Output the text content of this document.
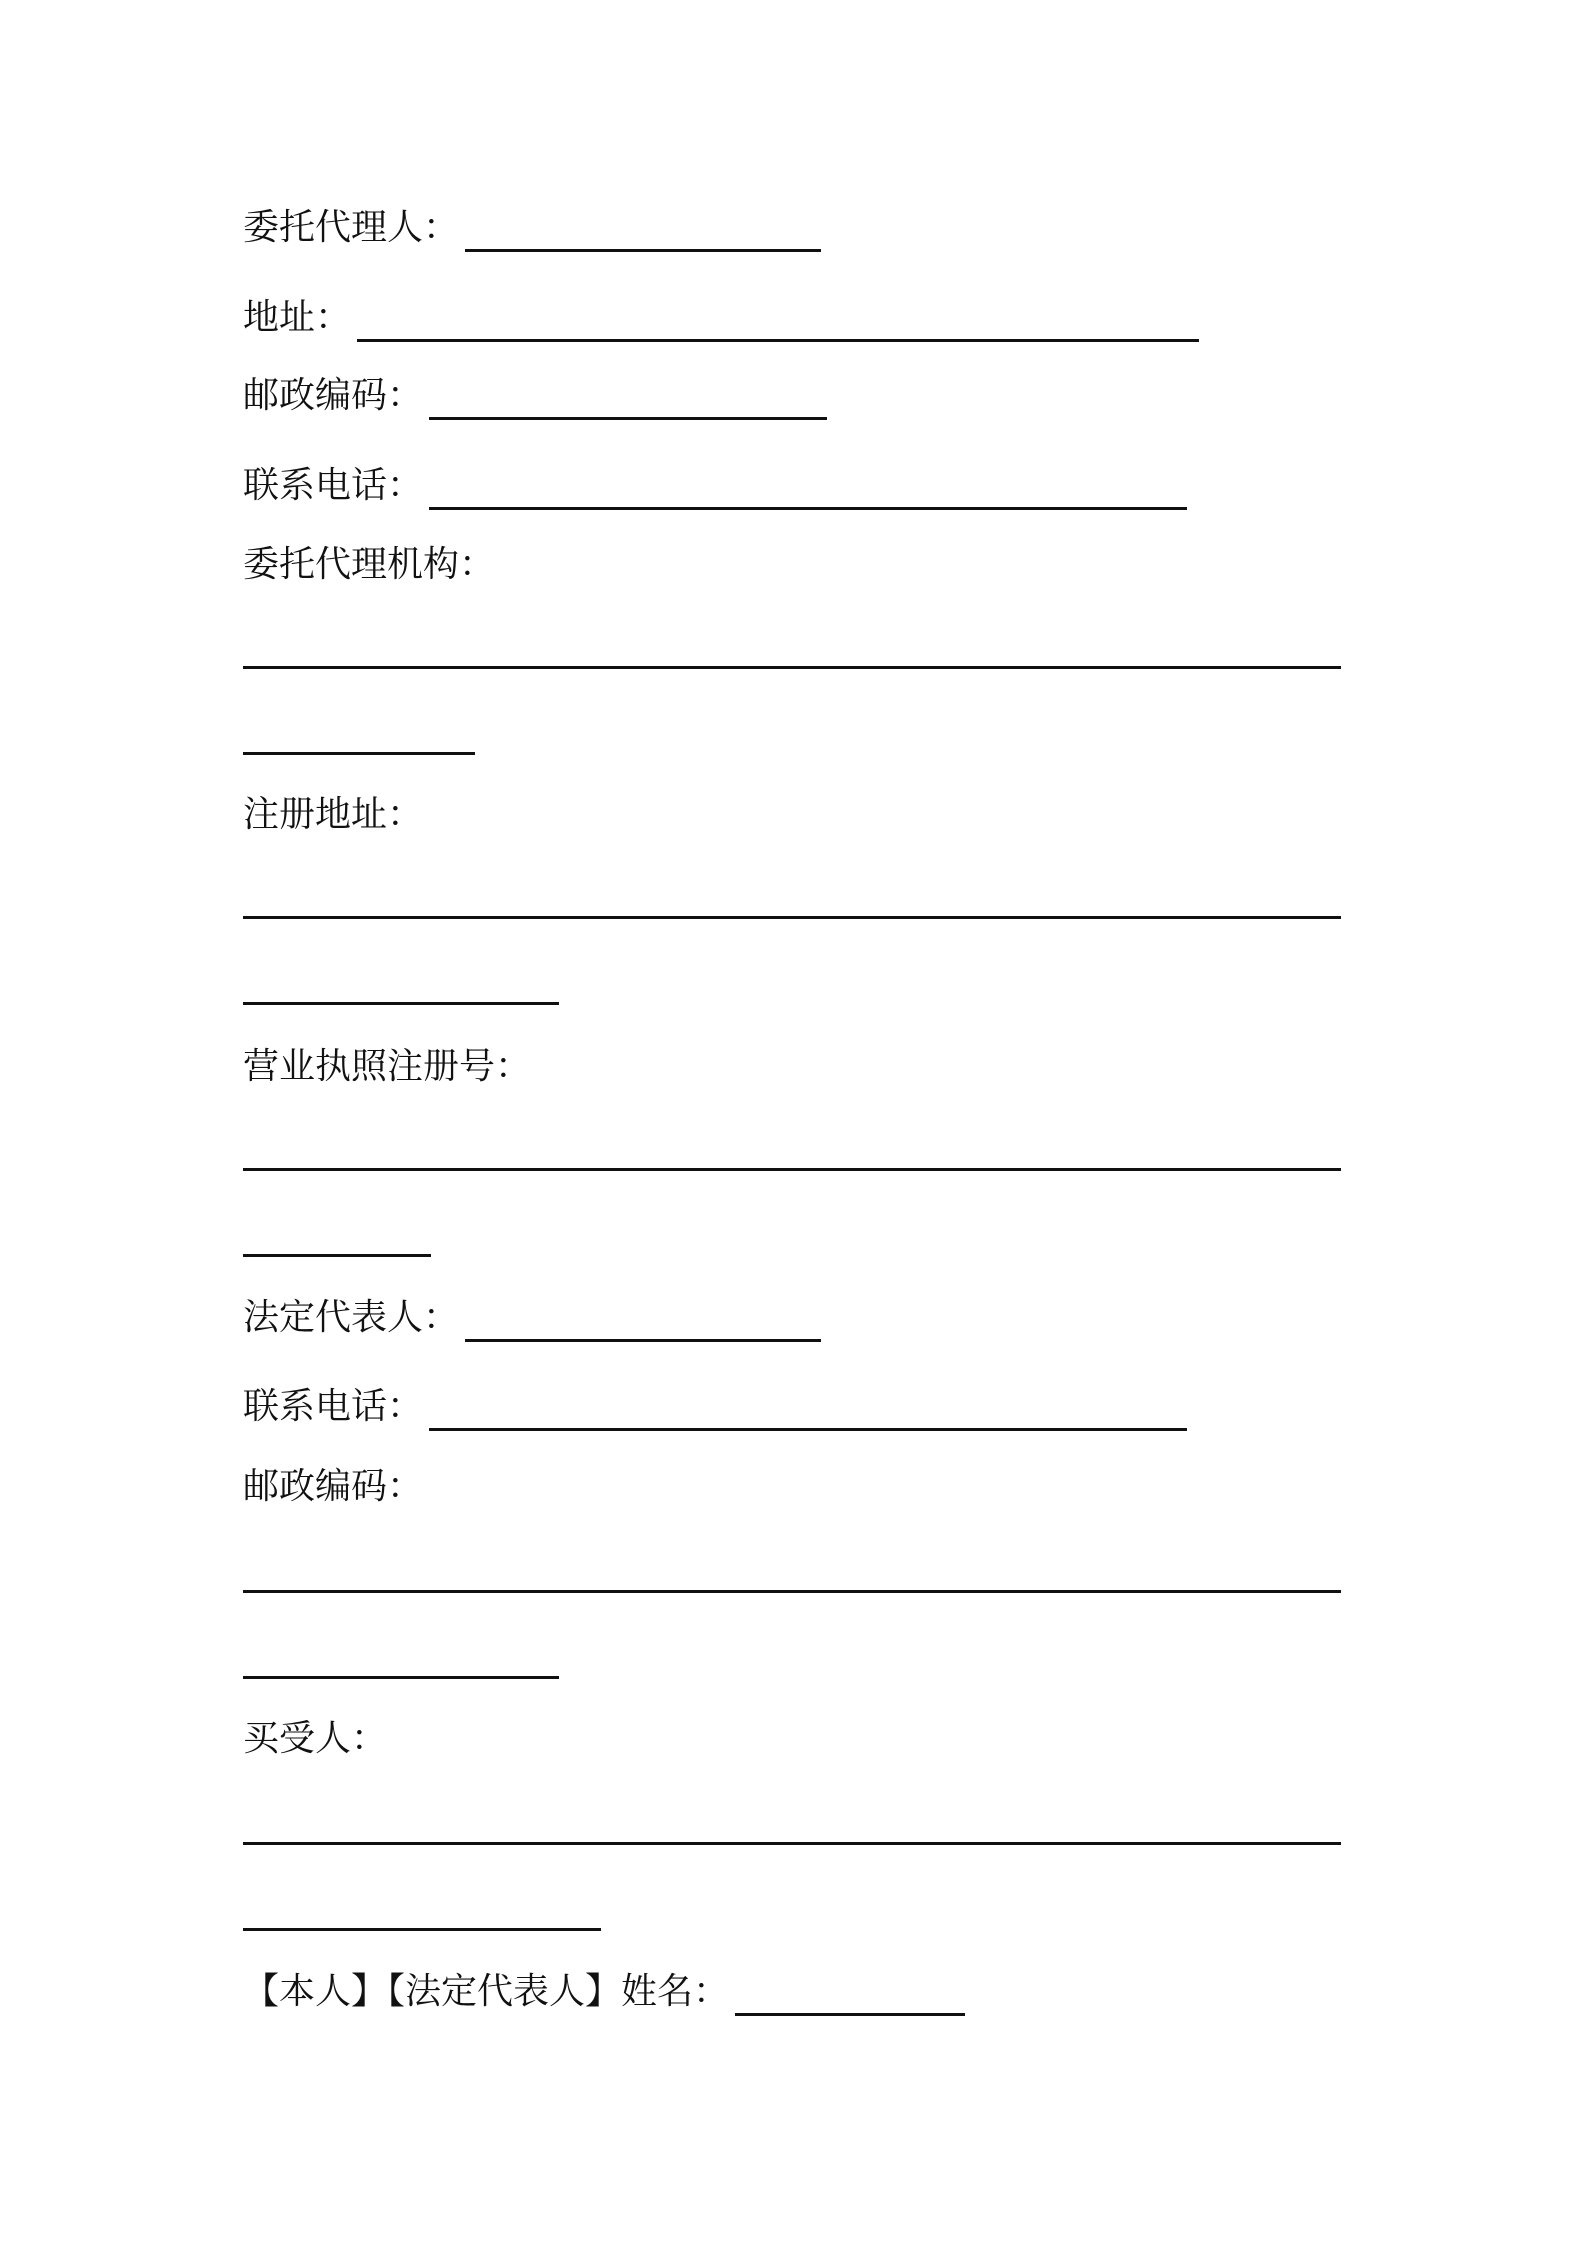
委托代理人：
地址：
邮政编码：
联系电话：
委托代理机构：
注册地址：
营业执照注册号：
法定代表人：
联系电话：
邮政编码：
买受人：
【本人】【法定代表人】姓名：
